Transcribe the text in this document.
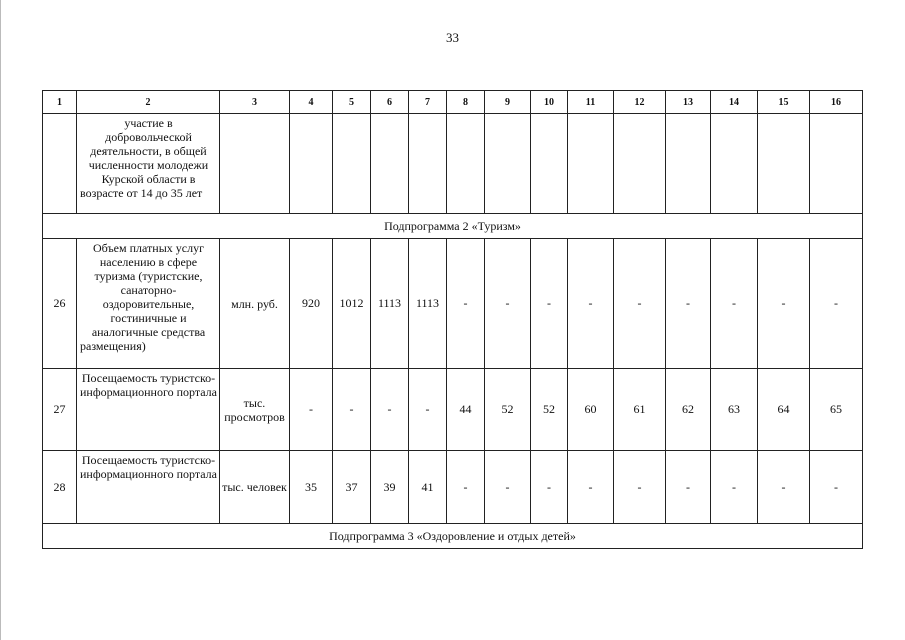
33
1	2	3	4	5	6	7	8	9	10	11	12	13	14	15	16
	участие в добровольческой деятельности, в общей численности молодежи Курской области в возрасте от 14 до 35 лет														
Подпрограмма 2 «Туризм»															
26	Объем платных услуг населению в сфере туризма (туристские, санаторно-оздоровительные, гостиничные и аналогичные средства размещения)	млн. руб.	920	1012	1113	1113	-	-	-	-	-	-	-	-	-
27	Посещаемость туристско-информационного портала	тыс. просмотров	-	-	-	-	44	52	52	60	61	62	63	64	65
28	Посещаемость туристско-информационного портала	тыс. человек	35	37	39	41	-	-	-	-	-	-	-	-	-
Подпрограмма 3 «Оздоровление и отдых детей»															
